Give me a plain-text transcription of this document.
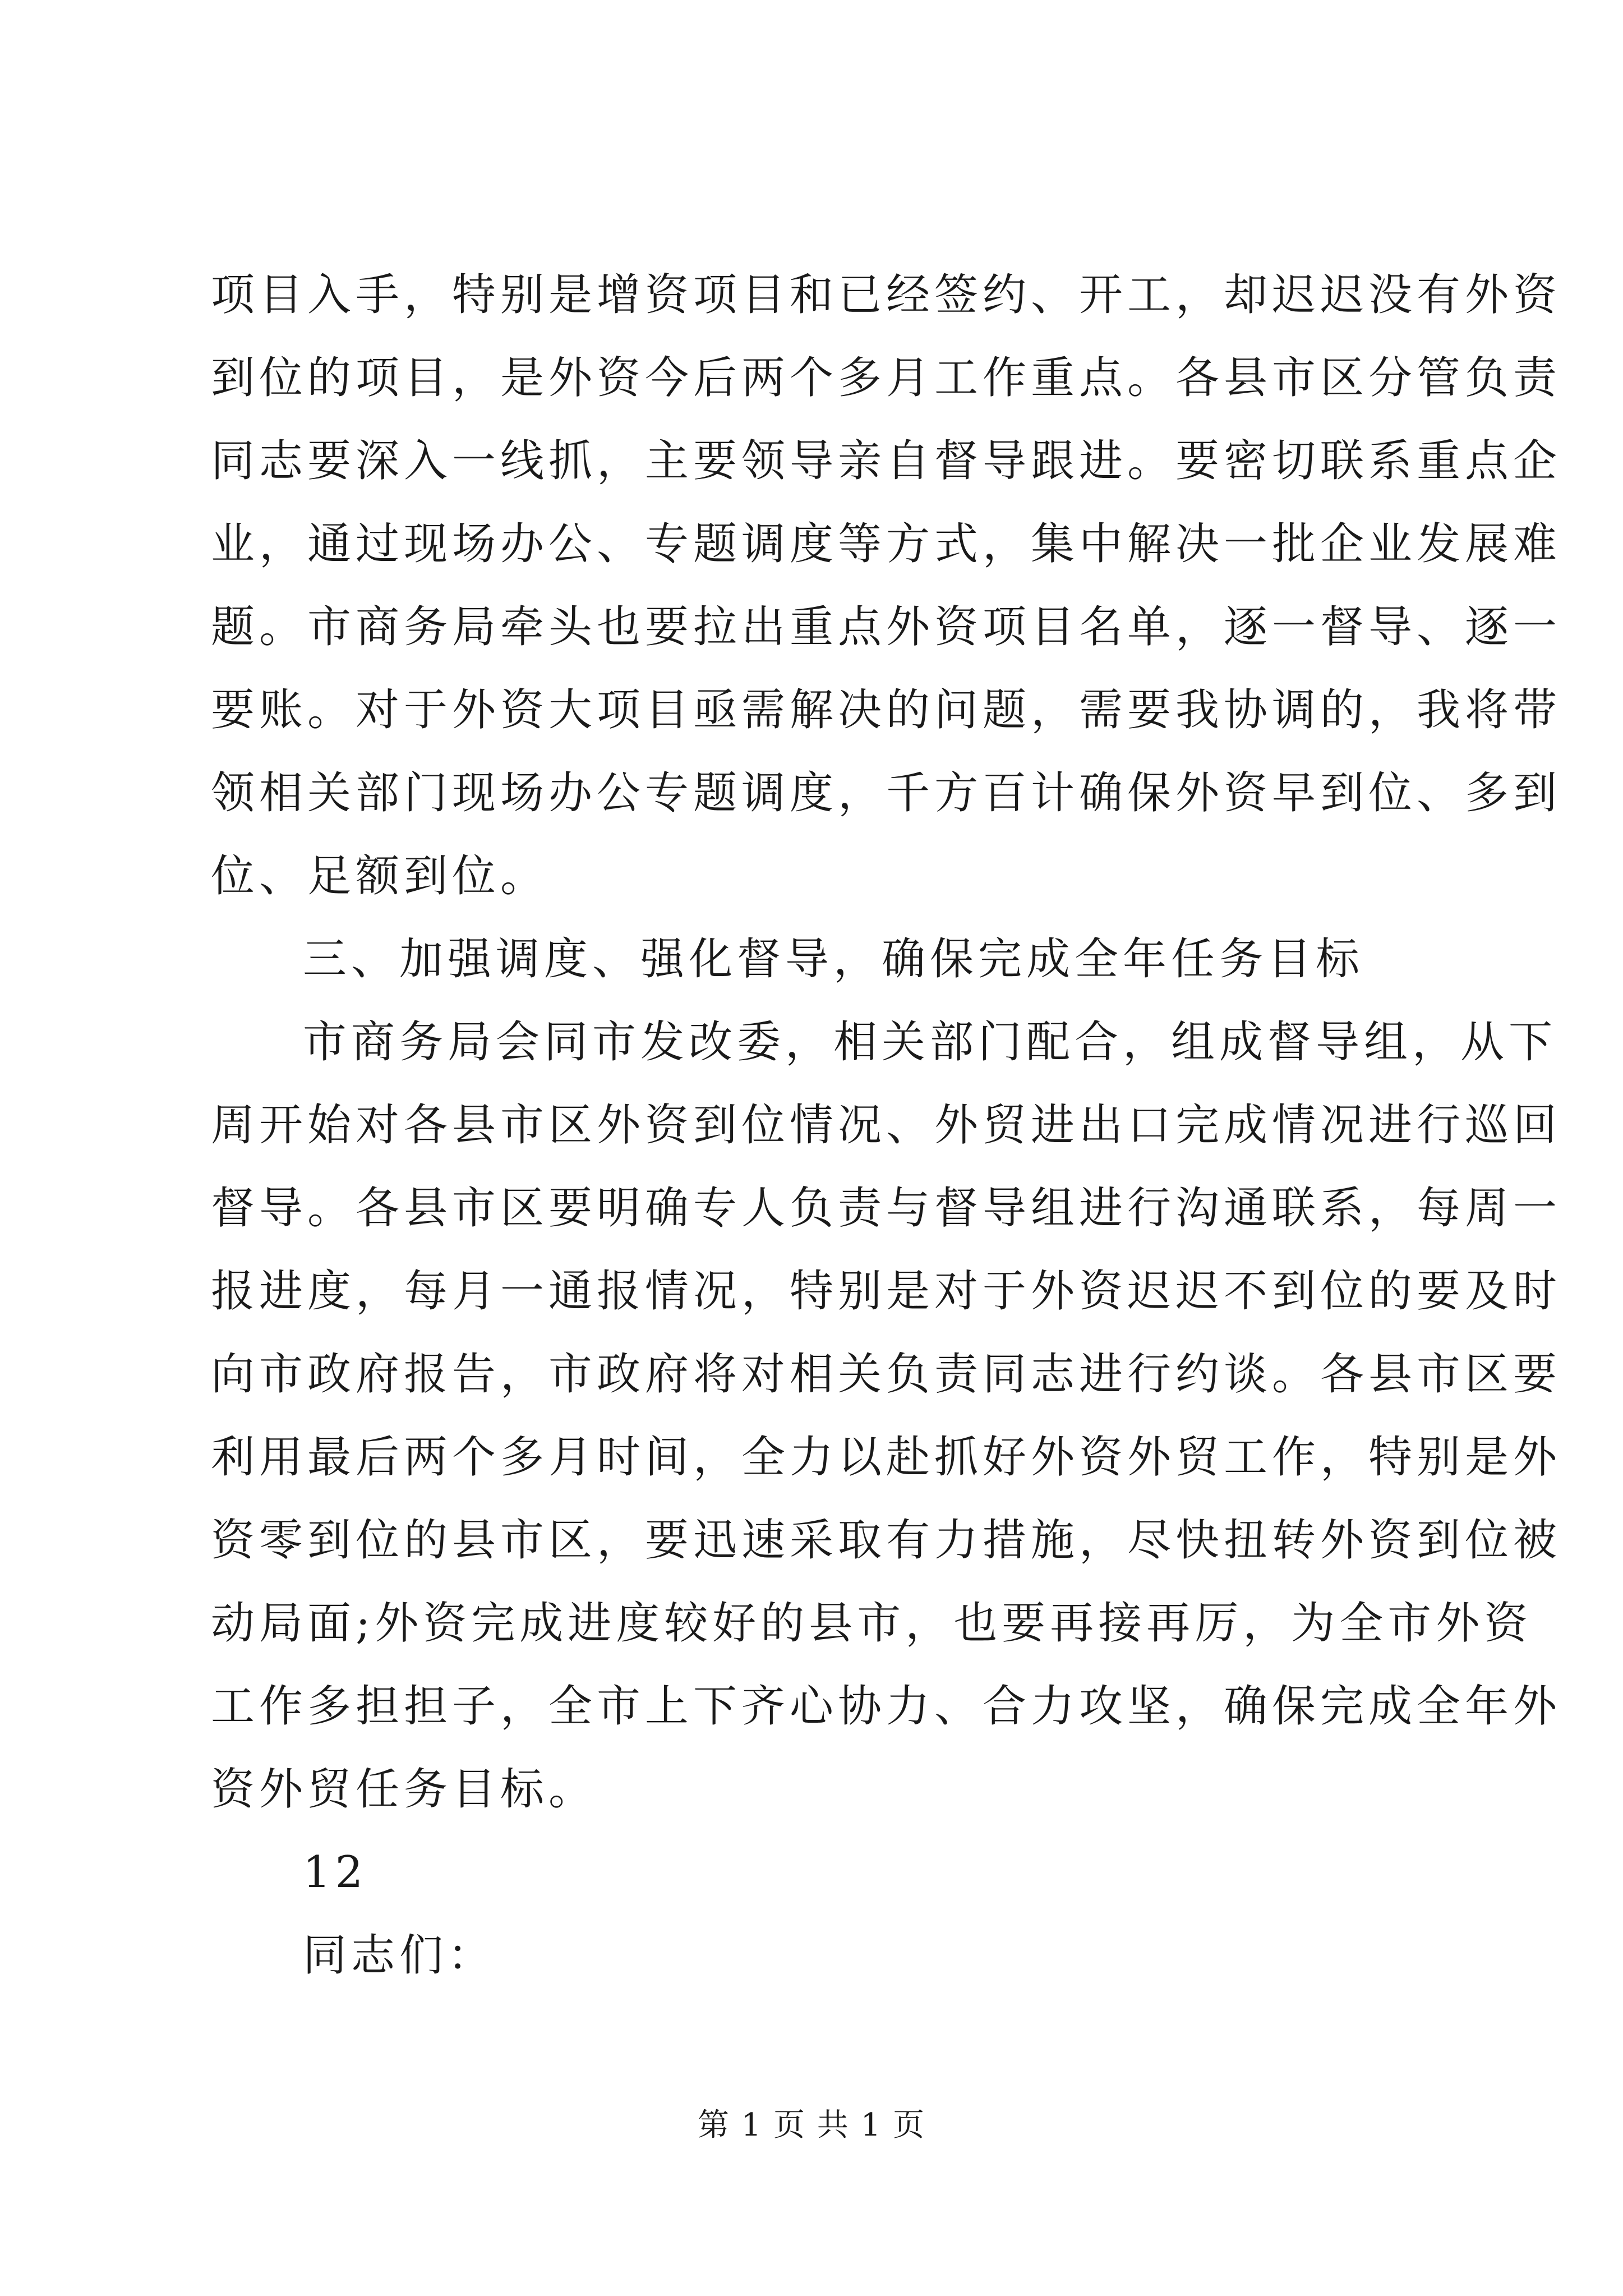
项目入手，特别是增资项目和已经签约、开工，却迟迟没有外资
到位的项目，是外资今后两个多月工作重点。各县市区分管负责
同志要深入一线抓，主要领导亲自督导跟进。要密切联系重点企
业，通过现场办公、专题调度等方式，集中解决一批企业发展难
题。市商务局牵头也要拉出重点外资项目名单，逐一督导、逐一
要账。对于外资大项目亟需解决的问题，需要我协调的，我将带
领相关部门现场办公专题调度，千方百计确保外资早到位、多到
位、足额到位。
三、加强调度、强化督导，确保完成全年任务目标
市商务局会同市发改委，相关部门配合，组成督导组，从下
周开始对各县市区外资到位情况、外贸进出口完成情况进行巡回
督导。各县市区要明确专人负责与督导组进行沟通联系，每周一
报进度，每月一通报情况，特别是对于外资迟迟不到位的要及时
向市政府报告，市政府将对相关负责同志进行约谈。各县市区要
利用最后两个多月时间，全力以赴抓好外资外贸工作，特别是外
资零到位的县市区，要迅速采取有力措施，尽快扭转外资到位被
动局面;外资完成进度较好的县市，也要再接再厉，为全市外资
工作多担担子，全市上下齐心协力、合力攻坚，确保完成全年外
资外贸任务目标。
12
同志们：
第 1 页 共 1 页
